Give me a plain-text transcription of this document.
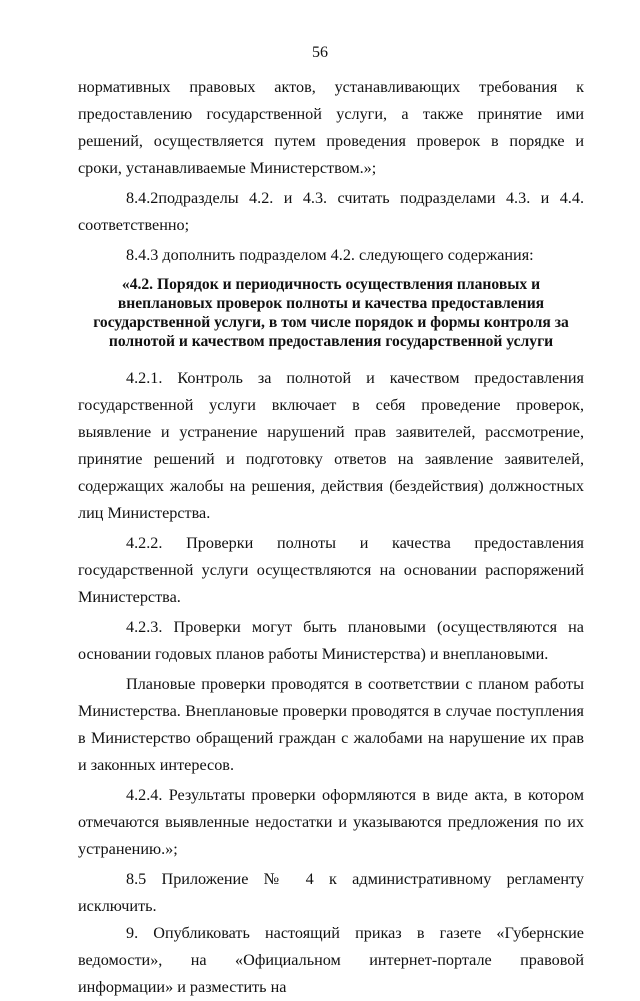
56

нормативных правовых актов, устанавливающих требования к предоставлению государственной услуги, а также принятие ими решений, осуществляется путем проведения проверок в порядке и сроки, устанавливаемые Министерством.»;

8.4.2подразделы 4.2. и 4.3. считать подразделами 4.3. и 4.4. соответственно;

8.4.3 дополнить подразделом 4.2. следующего содержания:

«4.2. Порядок и периодичность осуществления плановых и внеплановых проверок полноты и качества предоставления государственной услуги, в том числе порядок и формы контроля за полнотой и качеством предоставления государственной услуги

4.2.1. Контроль за полнотой и качеством предоставления государственной услуги включает в себя проведение проверок, выявление и устранение нарушений прав заявителей, рассмотрение, принятие решений и подготовку ответов на заявление заявителей, содержащих жалобы на решения, действия (бездействия) должностных лиц Министерства.

4.2.2. Проверки полноты и качества предоставления государственной услуги осуществляются на основании распоряжений Министерства.

4.2.3. Проверки могут быть плановыми (осуществляются на основании годовых планов работы Министерства) и внеплановыми.

Плановые проверки проводятся в соответствии с планом работы Министерства. Внеплановые проверки проводятся в случае поступления в Министерство обращений граждан с жалобами на нарушение их прав и законных интересов.

4.2.4. Результаты проверки оформляются в виде акта, в котором отмечаются выявленные недостатки и указываются предложения по их устранению.»;

8.5 Приложение № 4 к административному регламенту исключить.

9. Опубликовать настоящий приказ в газете «Губернские ведомости», на «Официальном интернет-портале правовой информации» и разместить на
